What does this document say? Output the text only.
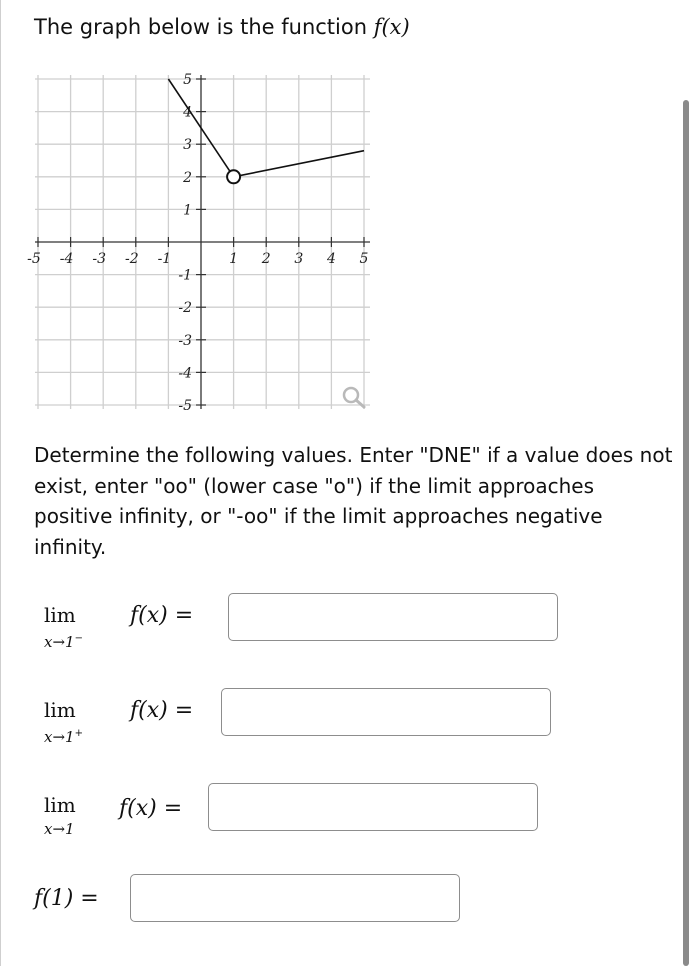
The graph below is the function f(x)
-5 -4 -3 -2 -1	1 2 3 4 5
5
4
3
2
1
-1
-2
-3
-4
-5
Determine the following values. Enter "DNE" if a value does not exist, enter "oo" (lower case "o") if the limit approaches positive infinity, or "-oo" if the limit approaches negative infinity.
lim
x→1−
f(x) =
lim
x→1+
f(x) =
lim
x→1
f(x) =
f(1) =
